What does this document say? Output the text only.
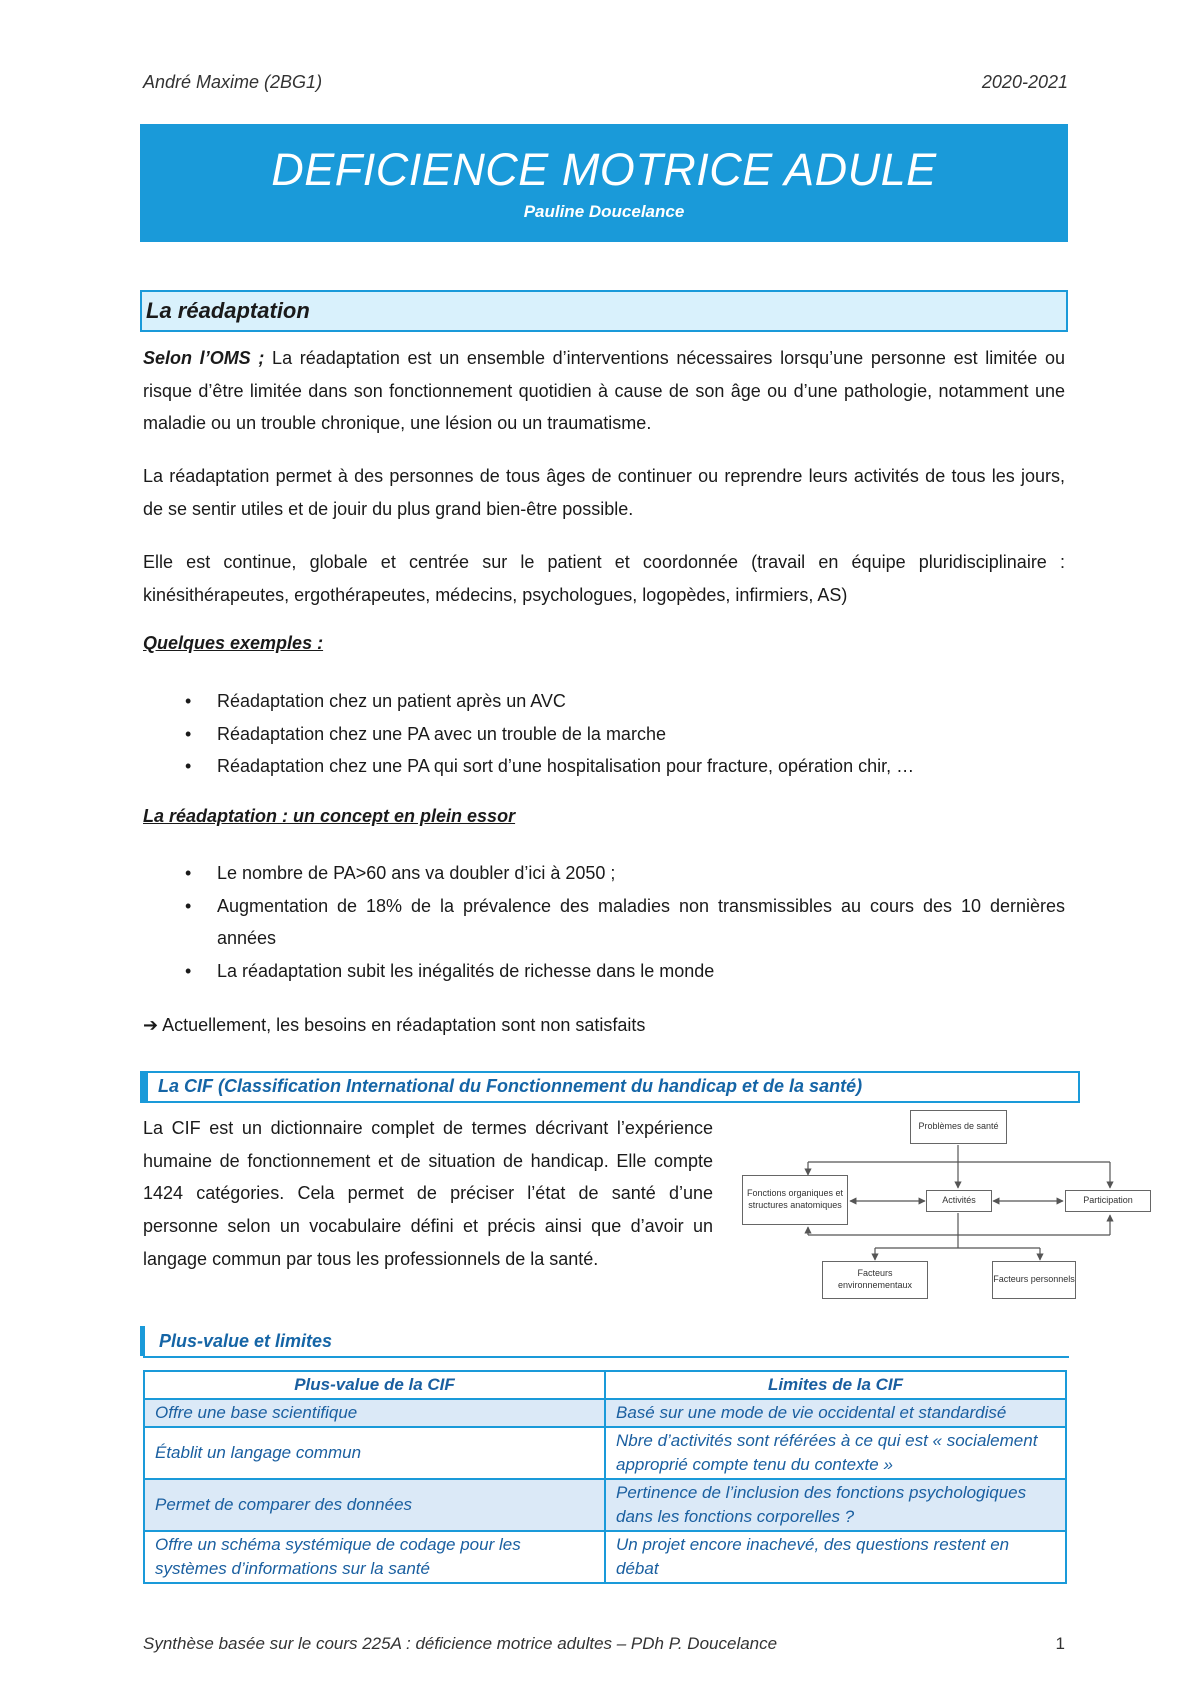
André Maxime (2BG1)	2020-2021
DEFICIENCE MOTRICE ADULE
Pauline Doucelance
La réadaptation
Selon l’OMS ; La réadaptation est un ensemble d’interventions nécessaires lorsqu’une personne est limitée ou risque d’être limitée dans son fonctionnement quotidien à cause de son âge ou d’une pathologie, notamment une maladie ou un trouble chronique, une lésion ou un traumatisme.
La réadaptation permet à des personnes de tous âges de continuer ou reprendre leurs activités de tous les jours, de se sentir utiles et de jouir du plus grand bien-être possible.
Elle est continue, globale et centrée sur le patient et coordonnée (travail en équipe pluridisciplinaire : kinésithérapeutes, ergothérapeutes, médecins, psychologues, logopèdes, infirmiers, AS)
Quelques exemples :
• Réadaptation chez un patient après un AVC
• Réadaptation chez une PA avec un trouble de la marche
• Réadaptation chez une PA qui sort d’une hospitalisation pour fracture, opération chir, …
La réadaptation : un concept en plein essor
• Le nombre de PA>60 ans va doubler d’ici à 2050 ;
• Augmentation de 18% de la prévalence des maladies non transmissibles au cours des 10 dernières années
• La réadaptation subit les inégalités de richesse dans le monde
➔ Actuellement, les besoins en réadaptation sont non satisfaits
La CIF (Classification International du Fonctionnement du handicap et de la santé)
La CIF est un dictionnaire complet de termes décrivant l’expérience humaine de fonctionnement et de situation de handicap. Elle compte 1424 catégories. Cela permet de préciser l’état de santé d’une personne selon un vocabulaire défini et précis ainsi que d’avoir un langage commun par tous les professionnels de la santé.
Problèmes de santé
Fonctions organiques et structures anatomiques	Activités	Participation
Facteurs environnementaux
Facteurs personnels
Plus-value et limites
Plus-value de la CIF	Limites de la CIF
Offre une base scientifique	Basé sur une mode de vie occidental et standardisé
Établit un langage commun	Nbre d’activités sont référées à ce qui est « socialement approprié compte tenu du contexte »
Permet de comparer des données	Pertinence de l’inclusion des fonctions psychologiques dans les fonctions corporelles ?
Offre un schéma systémique de codage pour les systèmes d’informations sur la santé	Un projet encore inachevé, des questions restent en débat
Synthèse basée sur le cours 225A : déficience motrice adultes – PDh P. Doucelance	1
